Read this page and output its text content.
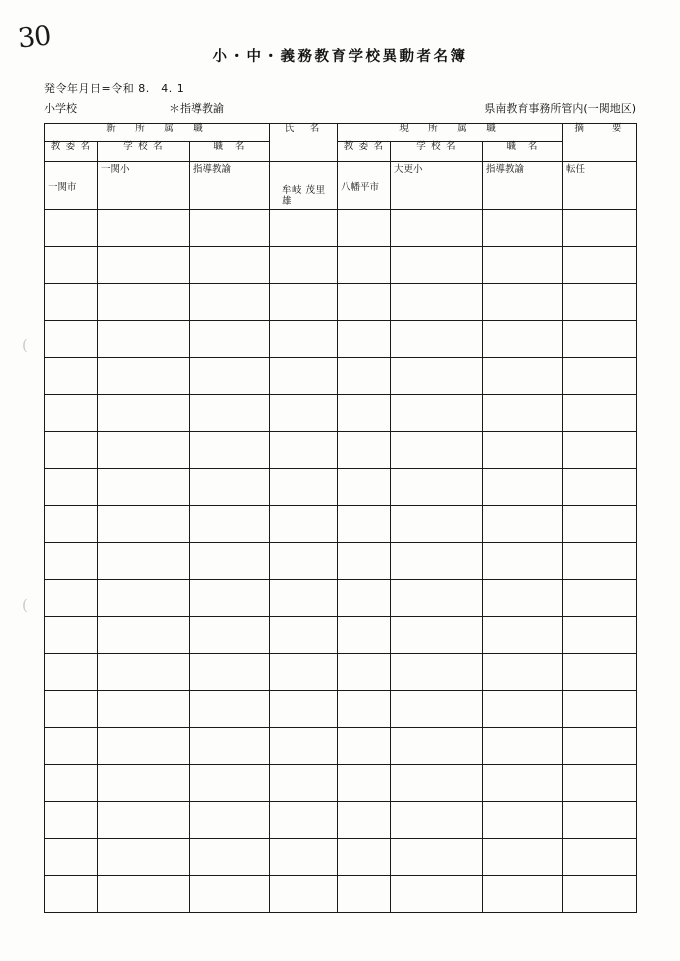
30
小・中・義務教育学校異動者名簿
発令年月日=令和 8.　4. 1
小学校	＊指導教諭	県南教育事務所管内(一関地区)
(
(
新　所　属　職			氏　名	現　所　属　職			摘　　要
教 委 名	学 校 名	職　名		教 委 名	学 校 名	職　名	

一関市	一関小	指導教諭	牟岐 茂里雄	八幡平市	大更小	指導教諭	転任
